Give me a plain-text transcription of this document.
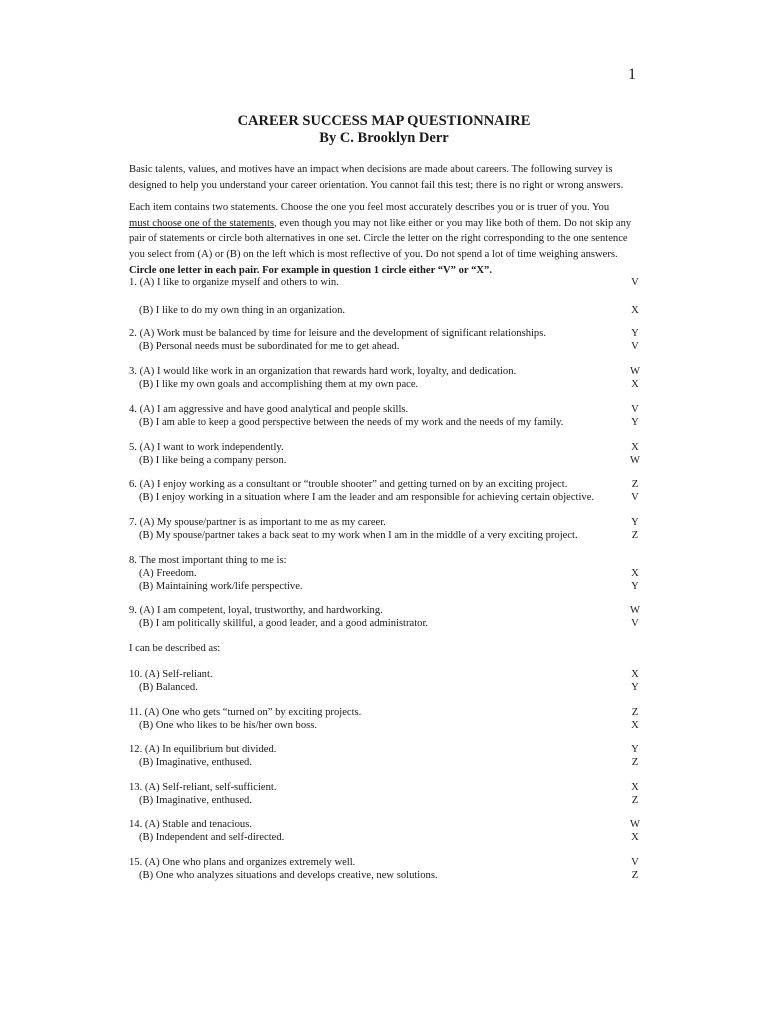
1
CAREER SUCCESS MAP QUESTIONNAIRE
By C. Brooklyn Derr
Basic talents, values, and motives have an impact when decisions are made about careers. The following survey is
designed to help you understand your career orientation. You cannot fail this test; there is no right or wrong answers.
Each item contains two statements. Choose the one you feel most accurately describes you or is truer of you. You
must choose one of the statements, even though you may not like either or you may like both of them. Do not skip any
pair of statements or circle both alternatives in one set. Circle the letter on the right corresponding to the one sentence
you select from (A) or (B) on the left which is most reflective of you. Do not spend a lot of time weighing answers.
Circle one letter in each pair. For example in question 1 circle either “V” or “X”.
1. (A) I like to organize myself and others to win.	V
(B) I like to do my own thing in an organization.	X
2. (A) Work must be balanced by time for leisure and the development of significant relationships.	Y
(B) Personal needs must be subordinated for me to get ahead.	V
3. (A) I would like work in an organization that rewards hard work, loyalty, and dedication.	W
(B) I like my own goals and accomplishing them at my own pace.	X
4. (A) I am aggressive and have good analytical and people skills.	V
(B) I am able to keep a good perspective between the needs of my work and the needs of my family.	Y
5. (A) I want to work independently.	X
(B) I like being a company person.	W
6. (A) I enjoy working as a consultant or “trouble shooter” and getting turned on by an exciting project.	Z
(B) I enjoy working in a situation where I am the leader and am responsible for achieving certain objective.	V
7. (A) My spouse/partner is as important to me as my career.	Y
(B) My spouse/partner takes a back seat to my work when I am in the middle of a very exciting project.	Z
8. The most important thing to me is:
(A) Freedom.	X
(B) Maintaining work/life perspective.	Y
9. (A) I am competent, loyal, trustworthy, and hardworking.	W
(B) I am politically skillful, a good leader, and a good administrator.	V
I can be described as:
10. (A) Self-reliant.	X
(B) Balanced.	Y
11. (A) One who gets “turned on” by exciting projects.	Z
(B) One who likes to be his/her own boss.	X
12. (A) In equilibrium but divided.	Y
(B) Imaginative, enthused.	Z
13. (A) Self-reliant, self-sufficient.	X
(B) Imaginative, enthused.	Z
14. (A) Stable and tenacious.	W
(B) Independent and self-directed.	X
15. (A) One who plans and organizes extremely well.	V
(B) One who analyzes situations and develops creative, new solutions.	Z
